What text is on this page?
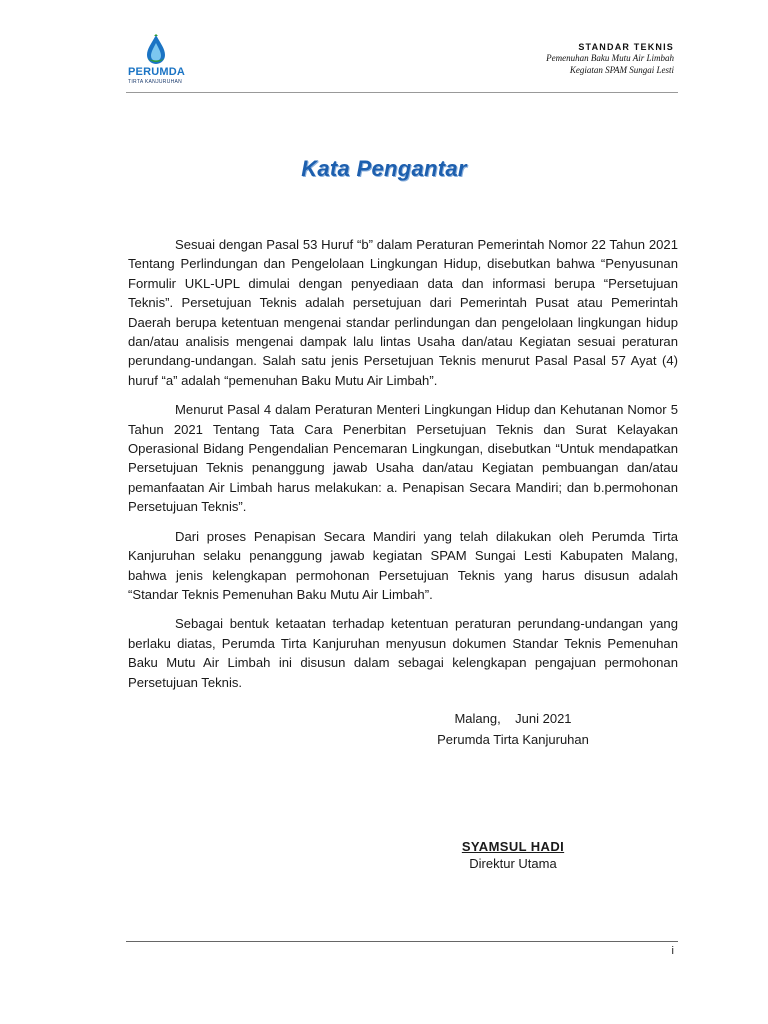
PERUMDA
TIRTA KANJURUHAN
STANDAR TEKNIS
Pemenuhan Baku Mutu Air Limbah
Kegiatan SPAM Sungai Lesti
Kata Pengantar

Sesuai dengan Pasal 53 Huruf “b” dalam Peraturan Pemerintah Nomor 22 Tahun 2021 Tentang Perlindungan dan Pengelolaan Lingkungan Hidup, disebutkan bahwa “Penyusunan Formulir UKL-UPL dimulai dengan penyediaan data dan informasi berupa “Persetujuan Teknis”. Persetujuan Teknis adalah persetujuan dari Pemerintah Pusat atau Pemerintah Daerah berupa ketentuan mengenai standar perlindungan dan pengelolaan lingkungan hidup dan/atau analisis mengenai dampak lalu lintas Usaha dan/atau Kegiatan sesuai peraturan perundang-undangan. Salah satu jenis Persetujuan Teknis menurut Pasal Pasal 57 Ayat (4) huruf “a” adalah “pemenuhan Baku Mutu Air Limbah”.

Menurut Pasal 4 dalam Peraturan Menteri Lingkungan Hidup dan Kehutanan Nomor 5 Tahun 2021 Tentang Tata Cara Penerbitan Persetujuan Teknis dan Surat Kelayakan Operasional Bidang Pengendalian Pencemaran Lingkungan, disebutkan “Untuk mendapatkan Persetujuan Teknis penanggung jawab Usaha dan/atau Kegiatan pembuangan dan/atau pemanfaatan Air Limbah harus melakukan: a. Penapisan Secara Mandiri; dan b.permohonan Persetujuan Teknis”.

Dari proses Penapisan Secara Mandiri yang telah dilakukan oleh Perumda Tirta Kanjuruhan selaku penanggung jawab kegiatan SPAM Sungai Lesti Kabupaten Malang, bahwa jenis kelengkapan permohonan Persetujuan Teknis yang harus disusun adalah “Standar Teknis Pemenuhan Baku Mutu Air Limbah”.

Sebagai bentuk ketaatan terhadap ketentuan peraturan perundang-undangan yang berlaku diatas, Perumda Tirta Kanjuruhan menyusun dokumen Standar Teknis Pemenuhan Baku Mutu Air Limbah ini disusun dalam sebagai kelengkapan pengajuan permohonan Persetujuan Teknis.

Malang,    Juni 2021
Perumda Tirta Kanjuruhan
SYAMSUL HADI
Direktur Utama
i
